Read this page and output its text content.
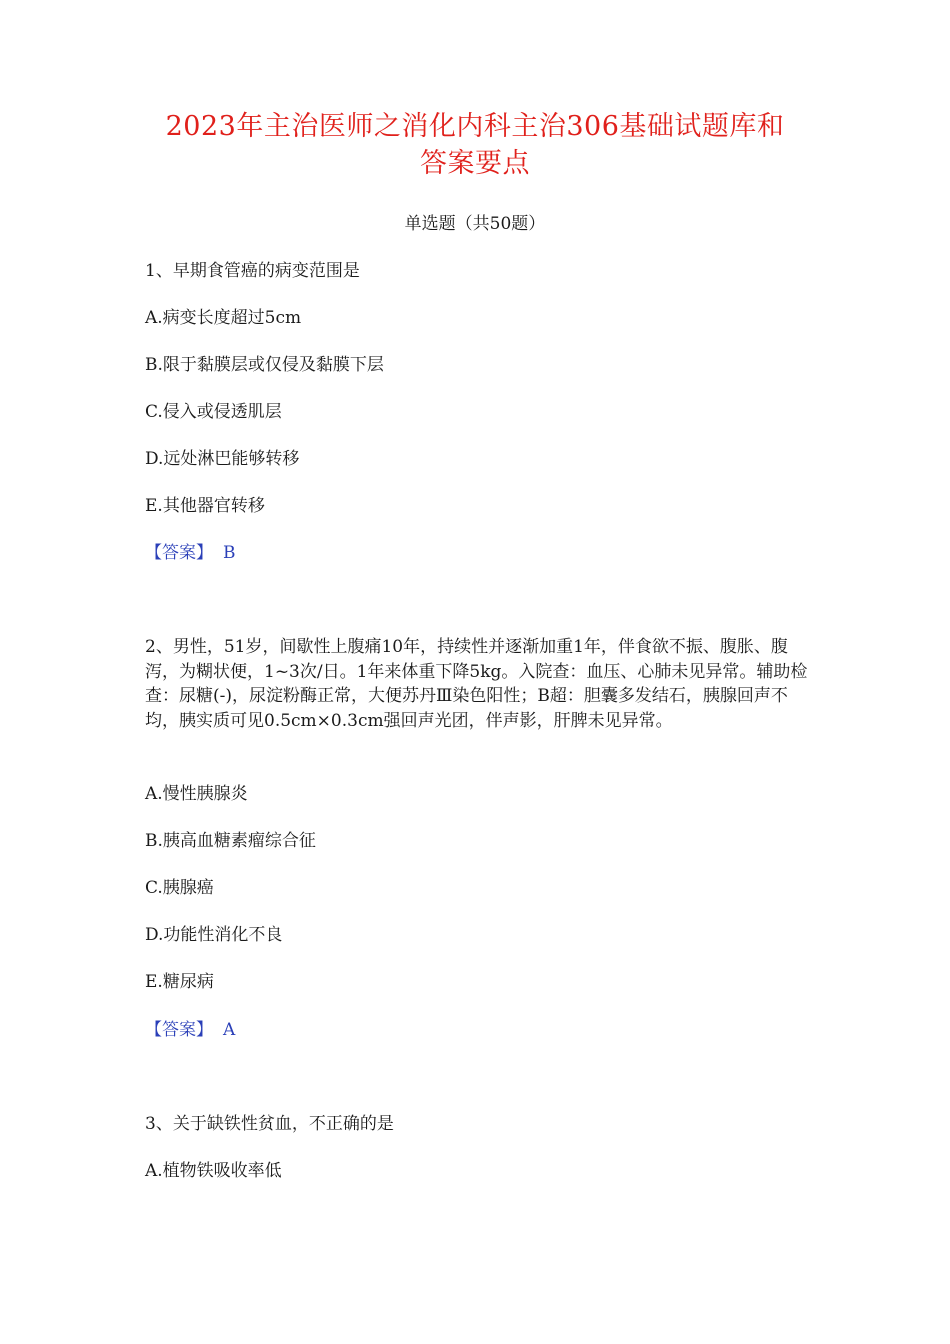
2023年主治医师之消化内科主治306基础试题库和
答案要点
单选题（共50题）
1、早期食管癌的病变范围是
A.病变长度超过5cm
B.限于黏膜层或仅侵及黏膜下层
C.侵入或侵透肌层
D.远处淋巴能够转移
E.其他器官转移
【答案】 B
2、男性，51岁，间歇性上腹痛10年，持续性并逐渐加重1年，伴食欲不振、腹胀、腹泻，为糊状便，1~3次/日。1年来体重下降5kg。入院查：血压、心肺未见异常。辅助检查：尿糖(-)，尿淀粉酶正常，大便苏丹Ⅲ染色阳性；B超：胆囊多发结石，胰腺回声不均，胰实质可见0.5cm×0.3cm强回声光团，伴声影，肝脾未见异常。
A.慢性胰腺炎
B.胰高血糖素瘤综合征
C.胰腺癌
D.功能性消化不良
E.糖尿病
【答案】 A
3、关于缺铁性贫血，不正确的是
A.植物铁吸收率低
